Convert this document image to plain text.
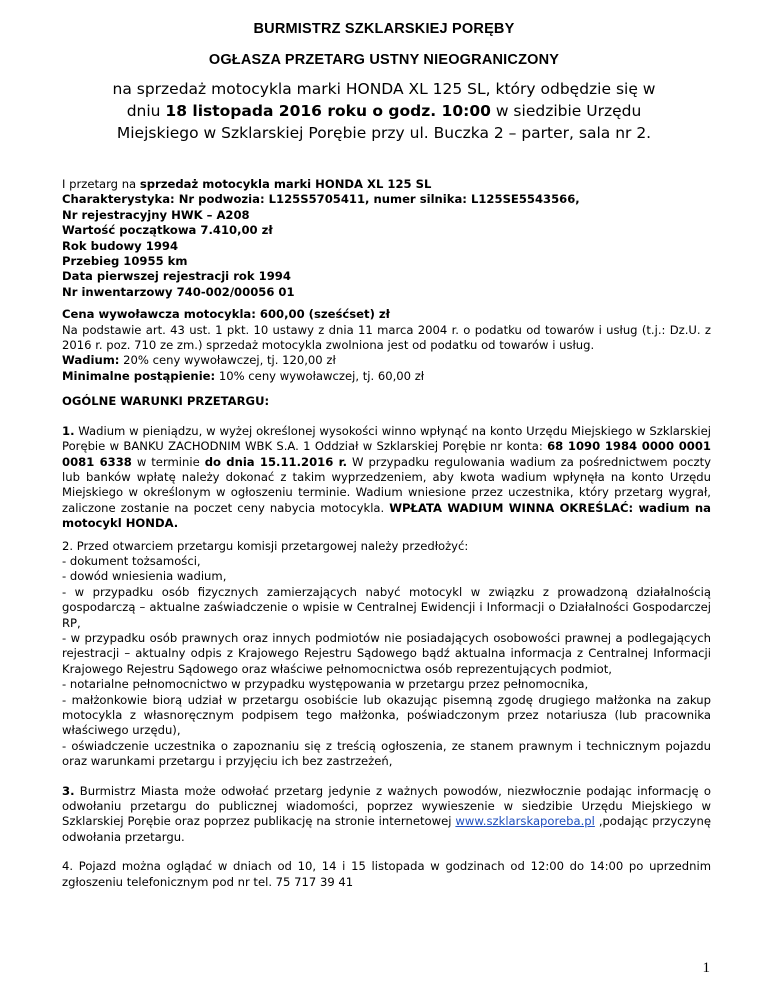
BURMISTRZ SZKLARSKIEJ PORĘBY
OGŁASZA PRZETARG USTNY NIEOGRANICZONY
na sprzedaż motocykla marki HONDA XL 125 SL, który odbędzie się w dniu 18 listopada 2016 roku o godz. 10:00 w siedzibie Urzędu Miejskiego w Szklarskiej Porębie przy ul. Buczka 2 – parter, sala nr 2.

I przetarg na sprzedaż motocykla marki HONDA XL 125 SL

Charakterystyka: Nr podwozia: L125S5705411, numer silnika: L125SE5543566,

Nr rejestracyjny HWK – A208

Wartość początkowa 7.410,00 zł

Rok budowy 1994

Przebieg 10955 km

Data pierwszej rejestracji rok 1994

Nr inwentarzowy 740-002/00056 01

Cena wywoławcza motocykla: 600,00 (sześćset) zł

Na podstawie art. 43 ust. 1 pkt. 10 ustawy z dnia 11 marca 2004 r. o podatku od towarów i usług (t.j.: Dz.U. z 2016 r. poz. 710 ze zm.) sprzedaż motocykla zwolniona jest od podatku od towarów i usług.

Wadium: 20% ceny wywoławczej, tj. 120,00 zł

Minimalne postąpienie: 10% ceny wywoławczej, tj. 60,00 zł

OGÓLNE WARUNKI PRZETARGU:

1. Wadium w pieniądzu, w wyżej określonej wysokości winno wpłynąć na konto Urzędu Miejskiego w Szklarskiej Porębie w BANKU ZACHODNIM WBK S.A. 1 Oddział w Szklarskiej Porębie nr konta: 68 1090 1984 0000 0001 0081 6338 w terminie do dnia 15.11.2016 r. W przypadku regulowania wadium za pośrednictwem poczty lub banków wpłatę należy dokonać z takim wyprzedzeniem, aby kwota wadium wpłynęła na konto Urzędu Miejskiego w określonym w ogłoszeniu terminie. Wadium wniesione przez uczestnika, który przetarg wygrał, zaliczone zostanie na poczet ceny nabycia motocykla. WPŁATA WADIUM WINNA OKREŚLAĆ: wadium na motocykl HONDA.

2. Przed otwarciem przetargu komisji przetargowej należy przedłożyć:

- dokument tożsamości,

- dowód wniesienia wadium,

- w przypadku osób fizycznych zamierzających nabyć motocykl w związku z prowadzoną działalnością gospodarczą – aktualne zaświadczenie o wpisie w Centralnej Ewidencji i Informacji o Działalności Gospodarczej RP,

- w przypadku osób prawnych oraz innych podmiotów nie posiadających osobowości prawnej a podlegających rejestracji – aktualny odpis z Krajowego Rejestru Sądowego bądź aktualna informacja z Centralnej Informacji Krajowego Rejestru Sądowego oraz właściwe pełnomocnictwa osób reprezentujących podmiot,

- notarialne pełnomocnictwo w przypadku występowania w przetargu przez pełnomocnika,

- małżonkowie biorą udział w przetargu osobiście lub okazując pisemną zgodę drugiego małżonka na zakup motocykla z własnoręcznym podpisem tego małżonka, poświadczonym przez notariusza (lub pracownika właściwego urzędu),

- oświadczenie uczestnika o zapoznaniu się z treścią ogłoszenia, ze stanem prawnym i technicznym pojazdu oraz warunkami przetargu i przyjęciu ich bez zastrzeżeń,

3. Burmistrz Miasta może odwołać przetarg jedynie z ważnych powodów, niezwłocznie podając informację o odwołaniu przetargu do publicznej wiadomości, poprzez wywieszenie w siedzibie Urzędu Miejskiego w Szklarskiej Porębie oraz poprzez publikację na stronie internetowej www.szklarskaporeba.pl ,podając przyczynę odwołania przetargu.

4. Pojazd można oglądać w dniach od 10, 14 i 15 listopada w godzinach od 12:00 do 14:00 po uprzednim zgłoszeniu telefonicznym pod nr tel. 75 717 39 41

1
